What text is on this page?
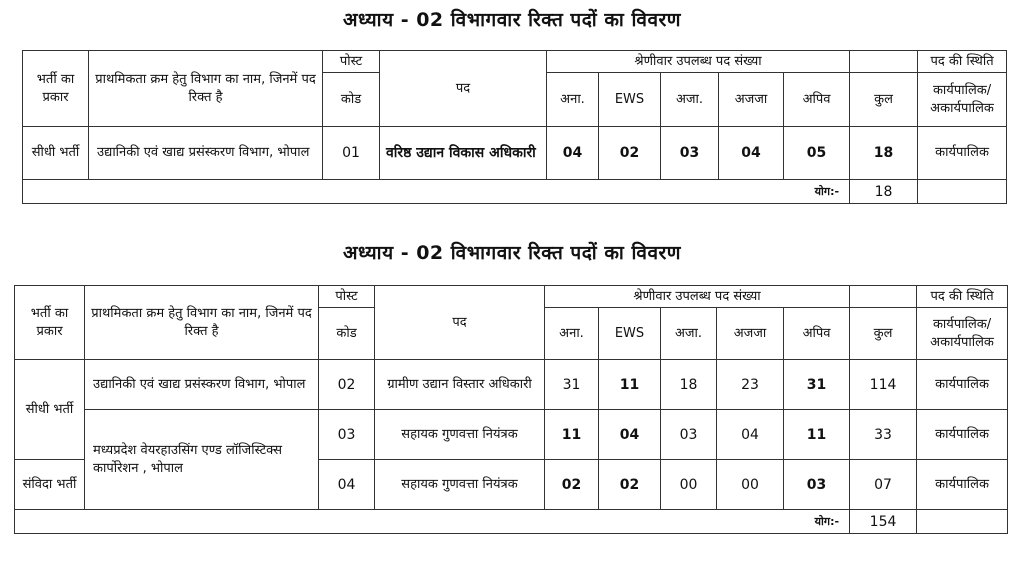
अध्याय - 02 विभागवार रिक्त पदों का विवरण
भर्ती का प्रकार	प्राथमिकता क्रम हेतु विभाग का नाम, जिनमें पद रिक्त है	पोस्ट	पद	श्रेणीवार उपलब्ध पद संख्या						पद की स्थिति
		कोड		अना.	EWS	अजा.	अजजा	अपिव	कुल	कार्यपालिक/ अकार्यपालिक
सीधी भर्ती	उद्यानिकी एवं खाद्य प्रसंस्करण विभाग, भोपाल	01	वरिष्ठ उद्यान विकास अधिकारी	04	02	03	04	05	18	कार्यपालिक
योग:-									18	
अध्याय - 02 विभागवार रिक्त पदों का विवरण
भर्ती का प्रकार	प्राथमिकता क्रम हेतु विभाग का नाम, जिनमें पद रिक्त है	पोस्ट	पद	श्रेणीवार उपलब्ध पद संख्या						पद की स्थिति
		कोड		अना.	EWS	अजा.	अजजा	अपिव	कुल	कार्यपालिक/ अकार्यपालिक
सीधी भर्ती	उद्यानिकी एवं खाद्य प्रसंस्करण विभाग, भोपाल	02	ग्रामीण उद्यान विस्तार अधिकारी	31	11	18	23	31	114	कार्यपालिक
	मध्यप्रदेश वेयरहाउसिंग एण्ड लॉजिस्टिक्स कार्पोरेशन , भोपाल	03	सहायक गुणवत्ता नियंत्रक	11	04	03	04	11	33	कार्यपालिक
संविदा भर्ती		04	सहायक गुणवत्ता नियंत्रक	02	02	00	00	03	07	कार्यपालिक
योग:-									154	
